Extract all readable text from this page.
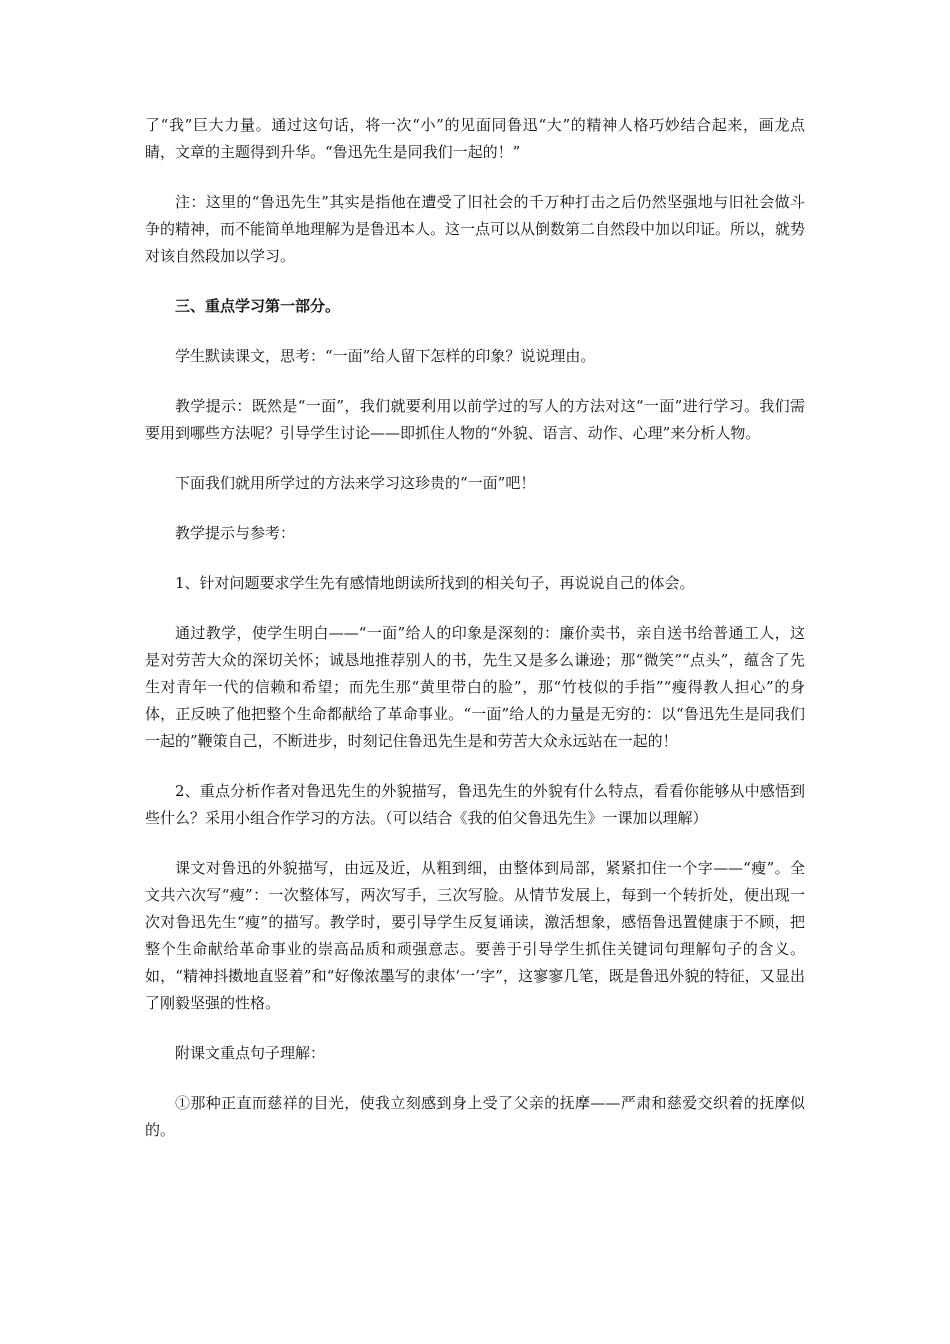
了“我”巨大力量。通过这句话，将一次“小”的见面同鲁迅“大”的精神人格巧妙结合起来，画龙点睛，文章的主题得到升华。“鲁迅先生是同我们一起的！”

注：这里的“鲁迅先生”其实是指他在遭受了旧社会的千万种打击之后仍然坚强地与旧社会做斗争的精神，而不能简单地理解为是鲁迅本人。这一点可以从倒数第二自然段中加以印证。所以，就势对该自然段加以学习。

三、重点学习第一部分。

学生默读课文，思考：“一面”给人留下怎样的印象？说说理由。

教学提示：既然是“一面”，我们就要利用以前学过的写人的方法对这“一面”进行学习。我们需要用到哪些方法呢？引导学生讨论——即抓住人物的“外貌、语言、动作、心理”来分析人物。

下面我们就用所学过的方法来学习这珍贵的“一面”吧！

教学提示与参考：

1、针对问题要求学生先有感情地朗读所找到的相关句子，再说说自己的体会。

通过教学，使学生明白——“一面”给人的印象是深刻的：廉价卖书，亲自送书给普通工人，这是对劳苦大众的深切关怀；诚恳地推荐别人的书，先生又是多么谦逊；那“微笑”“点头”，蕴含了先生对青年一代的信赖和希望；而先生那“黄里带白的脸”，那“竹枝似的手指”“瘦得教人担心”的身体，正反映了他把整个生命都献给了革命事业。“一面”给人的力量是无穷的：以“鲁迅先生是同我们一起的”鞭策自己，不断进步，时刻记住鲁迅先生是和劳苦大众永远站在一起的！

2、重点分析作者对鲁迅先生的外貌描写，鲁迅先生的外貌有什么特点，看看你能够从中感悟到些什么？采用小组合作学习的方法。（可以结合《我的伯父鲁迅先生》一课加以理解）

课文对鲁迅的外貌描写，由远及近，从粗到细，由整体到局部，紧紧扣住一个字——“瘦”。全文共六次写“瘦”：一次整体写，两次写手，三次写脸。从情节发展上，每到一个转折处，便出现一次对鲁迅先生“瘦”的描写。教学时，要引导学生反复诵读，激活想象，感悟鲁迅置健康于不顾，把整个生命献给革命事业的崇高品质和顽强意志。要善于引导学生抓住关键词句理解句子的含义。如，“精神抖擞地直竖着”和“好像浓墨写的隶体‘一’字”，这寥寥几笔，既是鲁迅外貌的特征，又显出了刚毅坚强的性格。

附课文重点句子理解：

①那种正直而慈祥的目光，使我立刻感到身上受了父亲的抚摩——严肃和慈爱交织着的抚摩似的。
